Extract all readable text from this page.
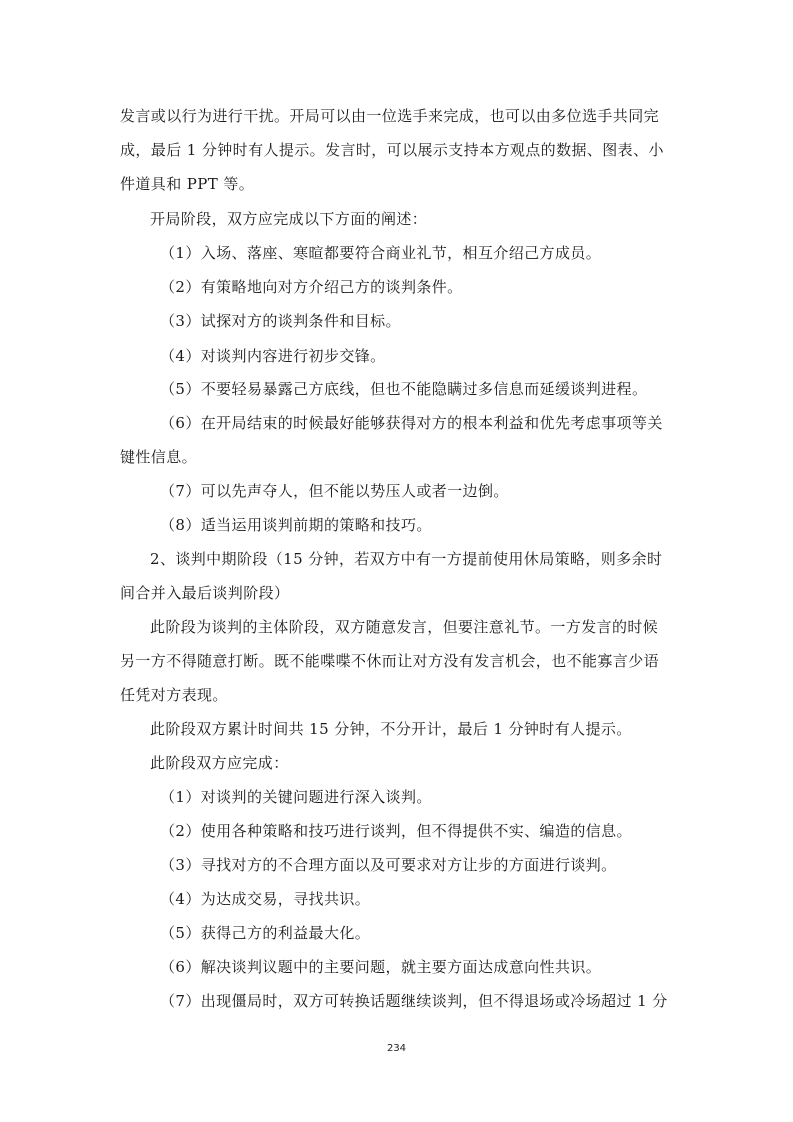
发言或以行为进行干扰。开局可以由一位选手来完成，也可以由多位选手共同完

成，最后 1 分钟时有人提示。发言时，可以展示支持本方观点的数据、图表、小

件道具和 PPT 等。

开局阶段，双方应完成以下方面的阐述：

（1）入场、落座、寒暄都要符合商业礼节，相互介绍己方成员。

（2）有策略地向对方介绍己方的谈判条件。

（3）试探对方的谈判条件和目标。

（4）对谈判内容进行初步交锋。

（5）不要轻易暴露己方底线，但也不能隐瞒过多信息而延缓谈判进程。

（6）在开局结束的时候最好能够获得对方的根本利益和优先考虑事项等关

键性信息。

（7）可以先声夺人，但不能以势压人或者一边倒。

（8）适当运用谈判前期的策略和技巧。

2、谈判中期阶段（15 分钟，若双方中有一方提前使用休局策略，则多余时

间合并入最后谈判阶段）

此阶段为谈判的主体阶段，双方随意发言，但要注意礼节。一方发言的时候

另一方不得随意打断。既不能喋喋不休而让对方没有发言机会，也不能寡言少语

任凭对方表现。

此阶段双方累计时间共 15 分钟，不分开计，最后 1 分钟时有人提示。

此阶段双方应完成：

（1）对谈判的关键问题进行深入谈判。

（2）使用各种策略和技巧进行谈判，但不得提供不实、编造的信息。

（3）寻找对方的不合理方面以及可要求对方让步的方面进行谈判。

（4）为达成交易，寻找共识。

（5）获得己方的利益最大化。

（6）解决谈判议题中的主要问题，就主要方面达成意向性共识。

（7）出现僵局时，双方可转换话题继续谈判，但不得退场或冷场超过 1 分

234
